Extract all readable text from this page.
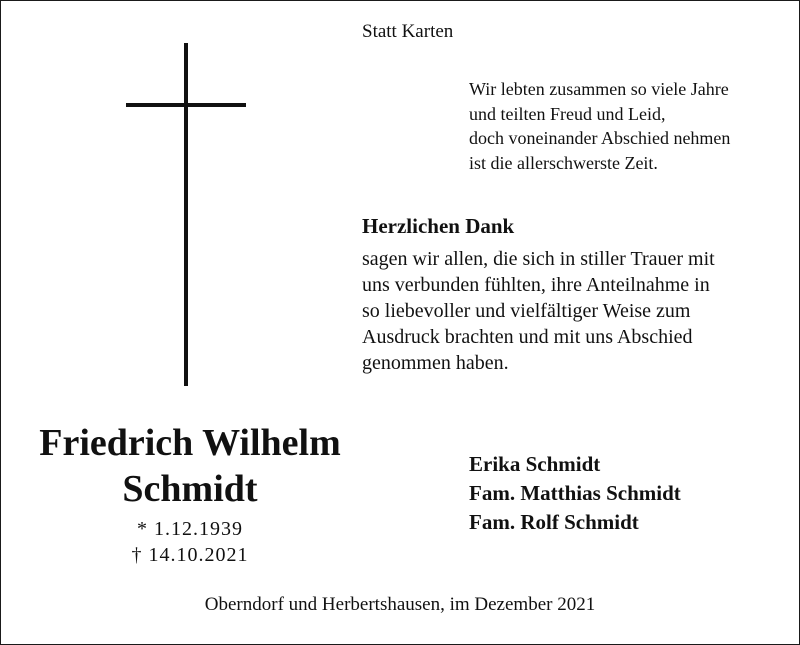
Statt Karten
Wir lebten zusammen so viele Jahre
und teilten Freud und Leid,
doch voneinander Abschied nehmen
ist die allerschwerste Zeit.
Herzlichen Dank
sagen wir allen, die sich in stiller Trauer mit
uns verbunden fühlten, ihre Anteilnahme in
so liebevoller und vielfältiger Weise zum
Ausdruck brachten und mit uns Abschied
genommen haben.
Friedrich Wilhelm
Schmidt
* 1.12.1939
† 14.10.2021
Erika Schmidt
Fam. Matthias Schmidt
Fam. Rolf Schmidt
Oberndorf und Herbertshausen, im Dezember 2021
